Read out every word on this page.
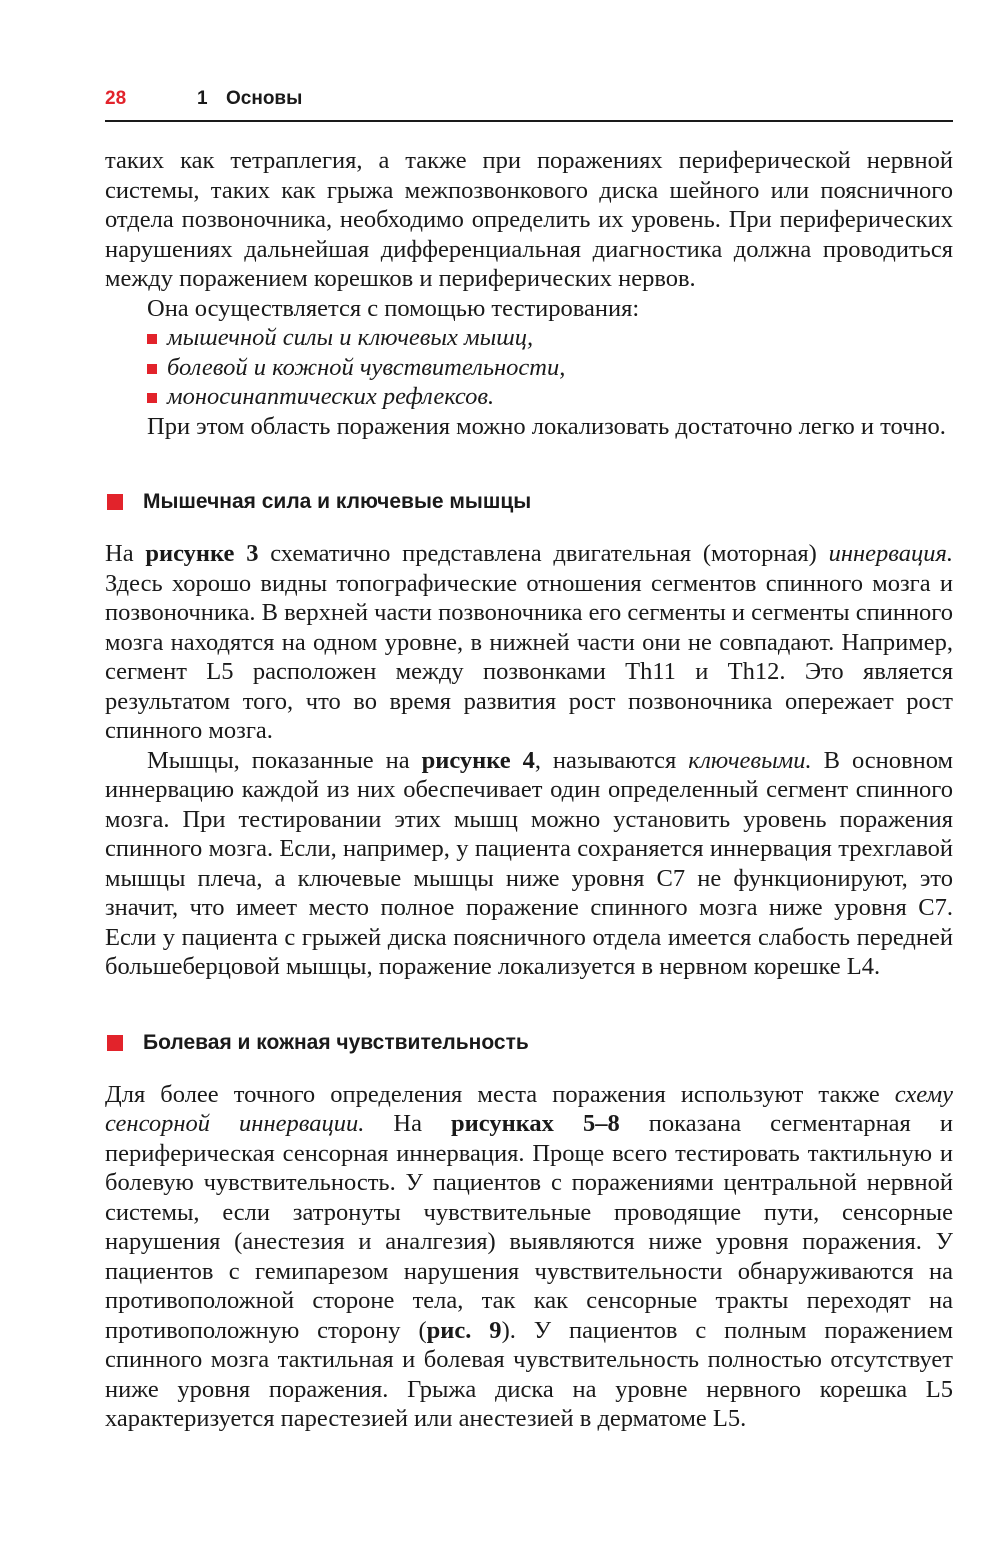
28	1 Основы

таких как тетраплегия, а также при поражениях периферической нервной системы, таких как грыжа межпозвонкового диска шейного или поясничного отдела позвоночника, необходимо определить их уровень. При периферических нарушениях дальнейшая дифференциальная диагностика должна проводиться между поражением корешков и периферических нервов.

Она осуществляется с помощью тестирования:

мышечной силы и ключевых мышц,
болевой и кожной чувствительности,
моносинаптических рефлексов.

При этом область поражения можно локализовать достаточно легко и точно.

Мышечная сила и ключевые мышцы

На рисунке 3 схематично представлена двигательная (моторная) иннервация. Здесь хорошо видны топографические отношения сегментов спинного мозга и позвоночника. В верхней части позвоночника его сегменты и сегменты спинного мозга находятся на одном уровне, в нижней части они не совпадают. Например, сегмент L5 расположен между позвонками Th11 и Th12. Это является результатом того, что во время развития рост позвоночника опережает рост спинного мозга.

Мышцы, показанные на рисунке 4, называются ключевыми. В основном иннервацию каждой из них обеспечивает один определенный сегмент спинного мозга. При тестировании этих мышц можно установить уровень поражения спинного мозга. Если, например, у пациента сохраняется иннервация трехглавой мышцы плеча, а ключевые мышцы ниже уровня C7 не функционируют, это значит, что имеет место полное поражение спинного мозга ниже уровня C7. Если у пациента с грыжей диска поясничного отдела имеется слабость передней большеберцовой мышцы, поражение локализуется в нервном корешке L4.

Болевая и кожная чувствительность

Для более точного определения места поражения используют также схему сенсорной иннервации. На рисунках 5–8 показана сегментарная и периферическая сенсорная иннервация. Проще всего тестировать тактильную и болевую чувствительность. У пациентов с поражениями центральной нервной системы, если затронуты чувствительные проводящие пути, сенсорные нарушения (анестезия и аналгезия) выявляются ниже уровня поражения. У пациентов с гемипарезом нарушения чувствительности обнаруживаются на противоположной стороне тела, так как сенсорные тракты переходят на противоположную сторону (рис. 9). У пациентов с полным поражением спинного мозга тактильная и болевая чувствительность полностью отсутствует ниже уровня поражения. Грыжа диска на уровне нервного корешка L5 характеризуется парестезией или анестезией в дерматоме L5.
